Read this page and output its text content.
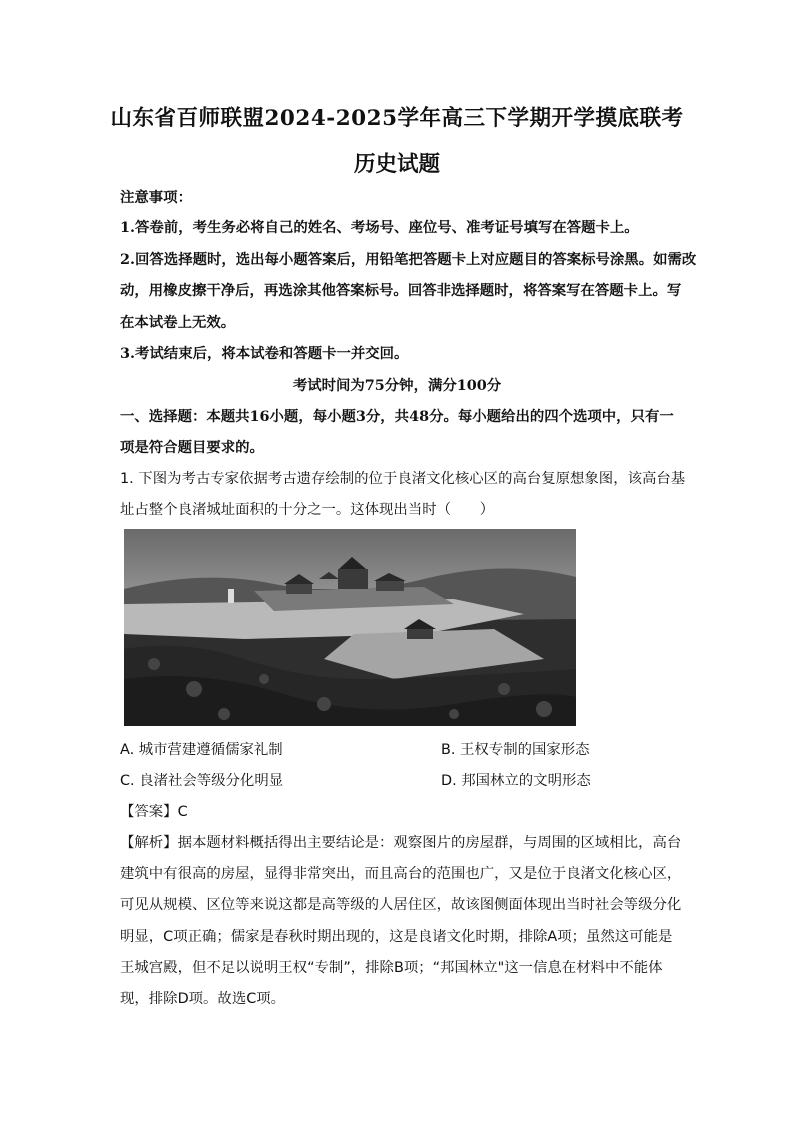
山东省百师联盟2024-2025学年高三下学期开学摸底联考
历史试题
注意事项：
1.答卷前，考生务必将自己的姓名、考场号、座位号、准考证号填写在答题卡上。
2.回答选择题时，选出每小题答案后，用铅笔把答题卡上对应题目的答案标号涂黑。如需改
动，用橡皮擦干净后，再选涂其他答案标号。回答非选择题时，将答案写在答题卡上。写
在本试卷上无效。
3.考试结束后，将本试卷和答题卡一并交回。
考试时间为75分钟，满分100分
一、选择题：本题共16小题，每小题3分，共48分。每小题给出的四个选项中，只有一
项是符合题目要求的。
1. 下图为考古专家依据考古遗存绘制的位于良渚文化核心区的高台复原想象图，该高台基
址占整个良渚城址面积的十分之一。这体现出当时（　　）
A. 城市营建遵循儒家礼制	B. 王权专制的国家形态
C. 良渚社会等级分化明显	D. 邦国林立的文明形态
【答案】C
【解析】据本题材料概括得出主要结论是：观察图片的房屋群，与周围的区域相比，高台
建筑中有很高的房屋，显得非常突出，而且高台的范围也广，又是位于良渚文化核心区，
可见从规模、区位等来说这都是高等级的人居住区，故该图侧面体现出当时社会等级分化
明显，C项正确；儒家是春秋时期出现的，这是良诸文化时期，排除A项；虽然这可能是
王城宫殿，但不足以说明王权“专制”，排除B项；“邦国林立"这一信息在材料中不能体
现，排除D项。故选C项。
